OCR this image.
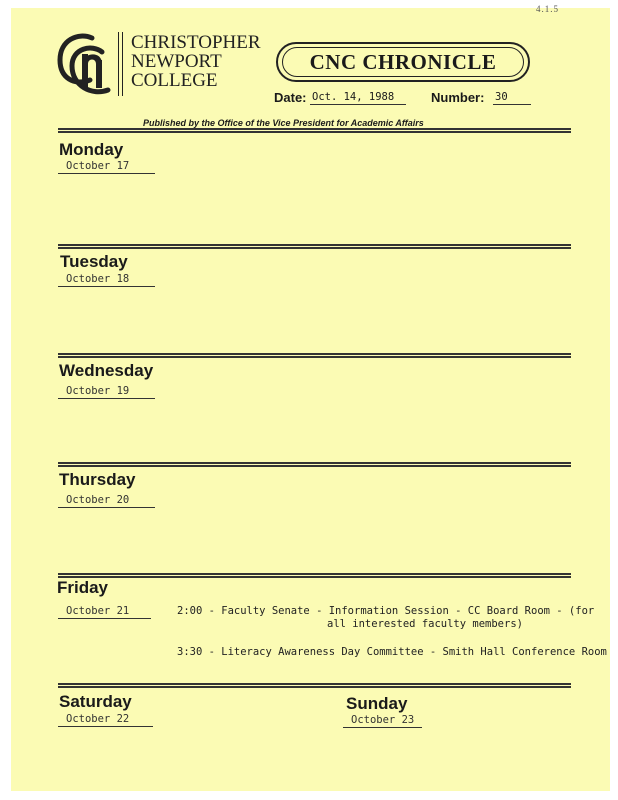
4.1.5
CHRISTOPHER
NEWPORT
COLLEGE
CNC CHRONICLE
Date: Oct. 14, 1988	Number: 30
Published by the Office of the Vice President for Academic Affairs
Monday
October 17
Tuesday
October 18
Wednesday
October 19
Thursday
October 20
Friday
October 21	2:00 - Faculty Senate - Information Session - CC Board Room - (for
all interested faculty members)
3:30 - Literacy Awareness Day Committee - Smith Hall Conference Room
Saturday
October 22
Sunday
October 23
